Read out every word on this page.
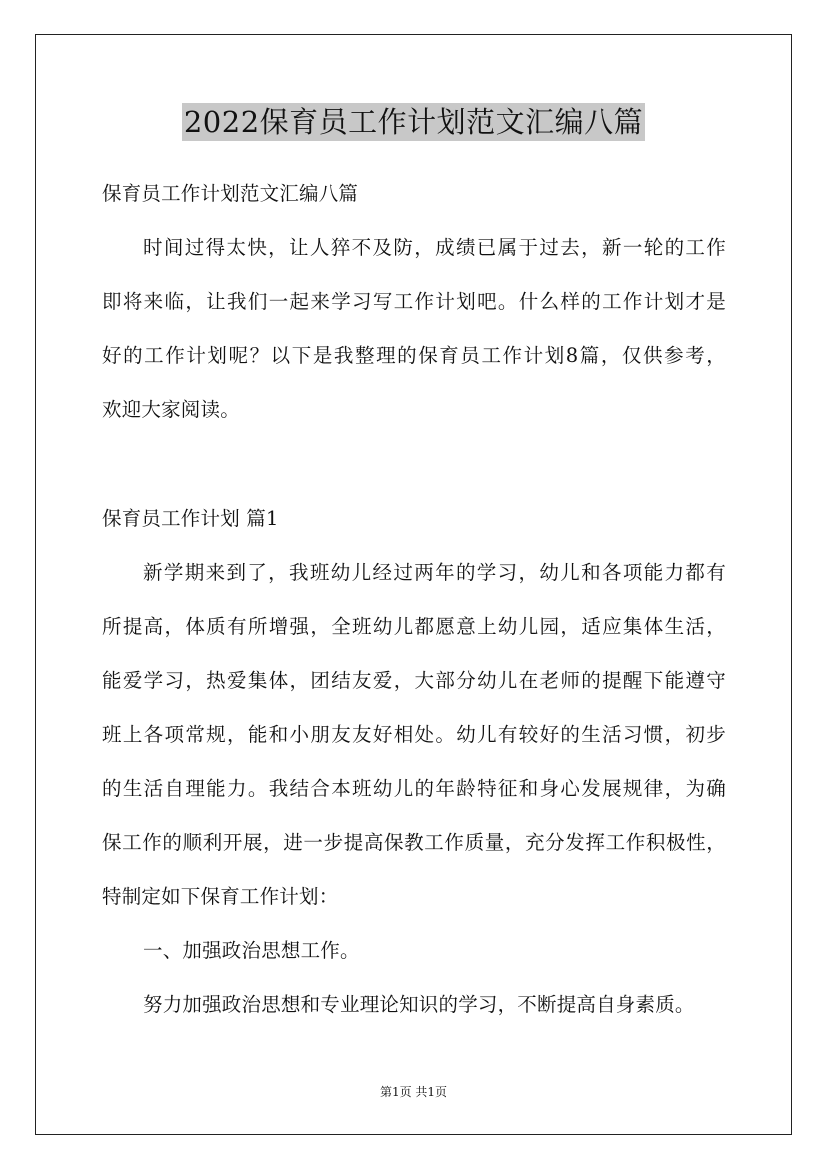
2022保育员工作计划范文汇编八篇

保育员工作计划范文汇编八篇

时间过得太快，让人猝不及防，成绩已属于过去，新一轮的工作

即将来临，让我们一起来学习写工作计划吧。什么样的工作计划才是

好的工作计划呢？以下是我整理的保育员工作计划8篇，仅供参考，

欢迎大家阅读。

保育员工作计划 篇1

新学期来到了，我班幼儿经过两年的学习，幼儿和各项能力都有

所提高，体质有所增强，全班幼儿都愿意上幼儿园，适应集体生活，

能爱学习，热爱集体，团结友爱，大部分幼儿在老师的提醒下能遵守

班上各项常规，能和小朋友友好相处。幼儿有较好的生活习惯，初步

的生活自理能力。我结合本班幼儿的年龄特征和身心发展规律，为确

保工作的顺利开展，进一步提高保教工作质量，充分发挥工作积极性，

特制定如下保育工作计划：

一、加强政治思想工作。

努力加强政治思想和专业理论知识的学习，不断提高自身素质。

第1页 共1页
